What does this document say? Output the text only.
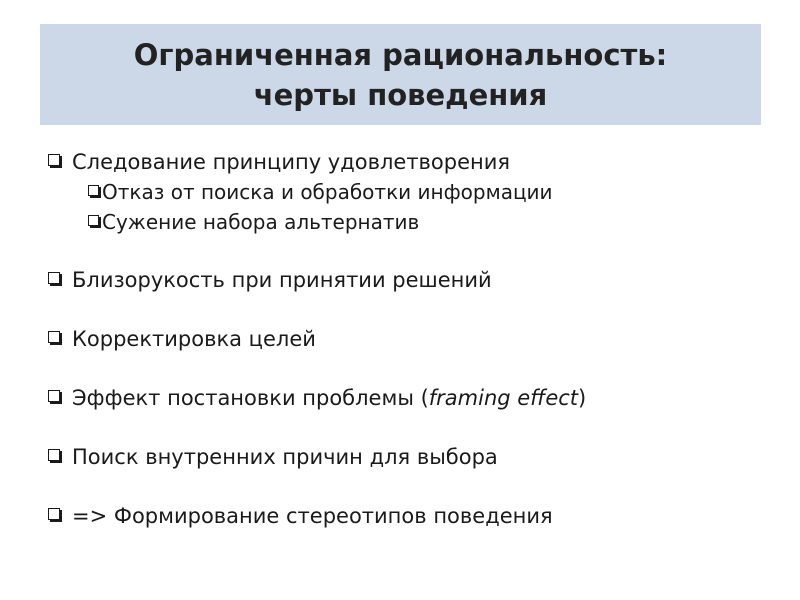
Ограниченная рациональность:
черты поведения
Следование принципу удовлетворения
Отказ от поиска и обработки информации
Сужение набора альтернатив
Близорукость при принятии решений
Корректировка целей
Эффект постановки проблемы (framing effect)
Поиск внутренних причин для выбора
=> Формирование стереотипов поведения
